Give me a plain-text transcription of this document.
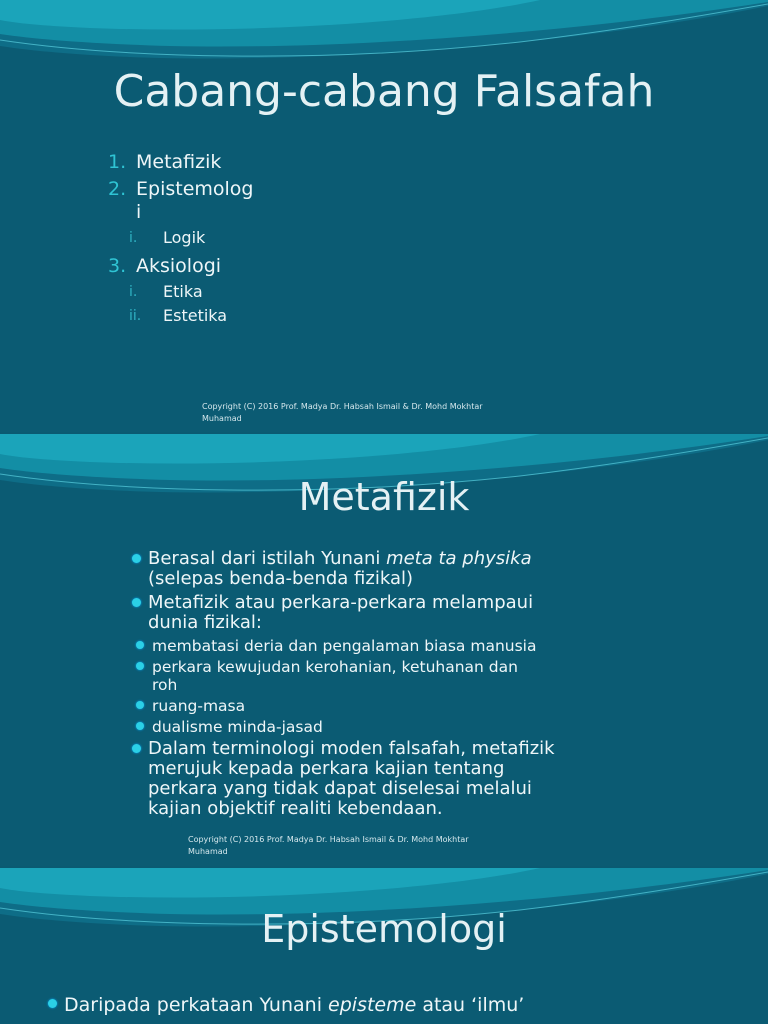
Cabang-cabang Falsafah
1. Metafizik
2. Epistemolog
i
i.	Logik
3. Aksiologi
i.	Etika
ii.	Estetika
Copyright (C) 2016 Prof. Madya Dr. Habsah Ismail & Dr. Mohd Mokhtar
Muhamad
Metafizik
Berasal dari istilah Yunani meta ta physika
(selepas benda-benda fizikal)
Metafizik atau perkara-perkara melampaui
dunia fizikal:
membatasi deria dan pengalaman biasa manusia
perkara kewujudan kerohanian, ketuhanan dan
roh
ruang-masa
dualisme minda-jasad
Dalam terminologi moden falsafah, metafizik
merujuk kepada perkara kajian tentang
perkara yang tidak dapat diselesai melalui
kajian objektif realiti kebendaan.
Copyright (C) 2016 Prof. Madya Dr. Habsah Ismail & Dr. Mohd Mokhtar
Muhamad
Epistemologi
Daripada perkataan Yunani episteme atau ‘ilmu’
